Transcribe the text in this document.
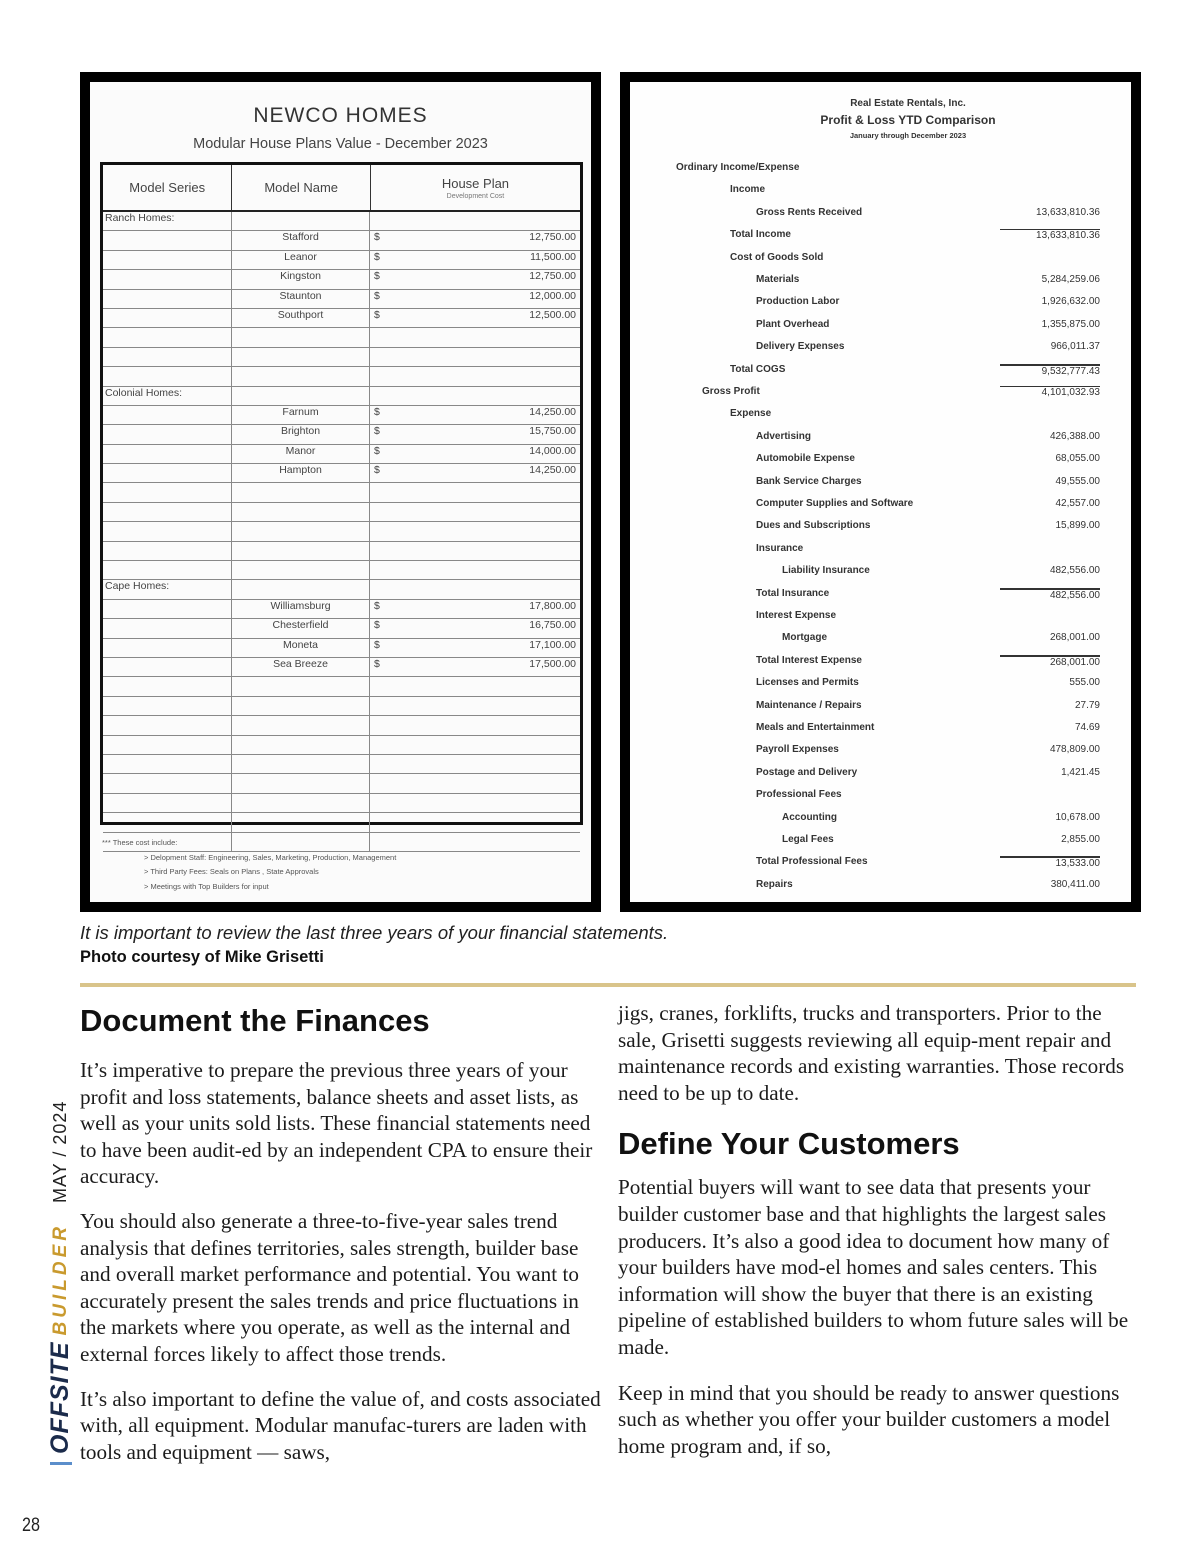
NEWCO HOMES
Modular House Plans Value - December 2023
Model Series	Model Name	House Plan
Development Cost
Ranch Homes:
Stafford	$	12,750.00
Leanor	$	11,500.00
Kingston	$	12,750.00
Staunton	$	12,000.00
Southport	$	12,500.00
Colonial Homes:
Farnum	$	14,250.00
Brighton	$	15,750.00
Manor	$	14,000.00
Hampton	$	14,250.00
Cape Homes:
Williamsburg	$	17,800.00
Chesterfield	$	16,750.00
Moneta	$	17,100.00
Sea Breeze	$	17,500.00
*** These cost include:
> Delopment Staff: Engineering, Sales, Marketing, Production, Management
> Third Party Fees: Seals on Plans , State Approvals
> Meetings with Top Builders for input
Real Estate Rentals, Inc.
Profit & Loss YTD Comparison
January through December 2023
Ordinary Income/Expense
Income
Gross Rents Received	13,633,810.36
Total Income	13,633,810.36
Cost of Goods Sold
Materials	5,284,259.06
Production Labor	1,926,632.00
Plant Overhead	1,355,875.00
Delivery Expenses	966,011.37
Total COGS	9,532,777.43
Gross Profit	4,101,032.93
Expense
Advertising	426,388.00
Automobile Expense	68,055.00
Bank Service Charges	49,555.00
Computer Supplies and Software	42,557.00
Dues and Subscriptions	15,899.00
Insurance
Liability Insurance	482,556.00
Total Insurance	482,556.00
Interest Expense
Mortgage	268,001.00
Total Interest Expense	268,001.00
Licenses and Permits	555.00
Maintenance / Repairs	27.79
Meals and Entertainment	74.69
Payroll Expenses	478,809.00
Postage and Delivery	1,421.45
Professional Fees
Accounting	10,678.00
Legal Fees	2,855.00
Total Professional Fees	13,533.00
Repairs	380,411.00
It is important to review the last three years of your financial statements.
Photo courtesy of Mike Grisetti
Document the Finances

It’s imperative to prepare the previous three years of your profit and loss statements, balance sheets and asset lists, as well as your units sold lists. These financial statements need to have been audit-ed by an independent CPA to ensure their accuracy.

You should also generate a three-to-five-year sales trend analysis that defines territories, sales strength, builder base and overall market performance and potential. You want to accurately present the sales trends and price fluctuations in the markets where you operate, as well as the internal and external forces likely to affect those trends.

It’s also important to define the value of, and costs associated with, all equipment. Modular manufac-turers are laden with tools and equipment — saws,

jigs, cranes, forklifts, trucks and transporters. Prior to the sale, Grisetti suggests reviewing all equip-ment repair and maintenance records and existing warranties. Those records need to be up to date.

Define Your Customers

Potential buyers will want to see data that presents your builder customer base and that highlights the largest sales producers. It’s also a good idea to document how many of your builders have mod-el homes and sales centers. This information will show the buyer that there is an existing pipeline of established builders to whom future sales will be made.

Keep in mind that you should be ready to answer questions such as whether you offer your builder customers a model home program and, if so,

OFFSITE
BUILDER
MAY / 2024
28
